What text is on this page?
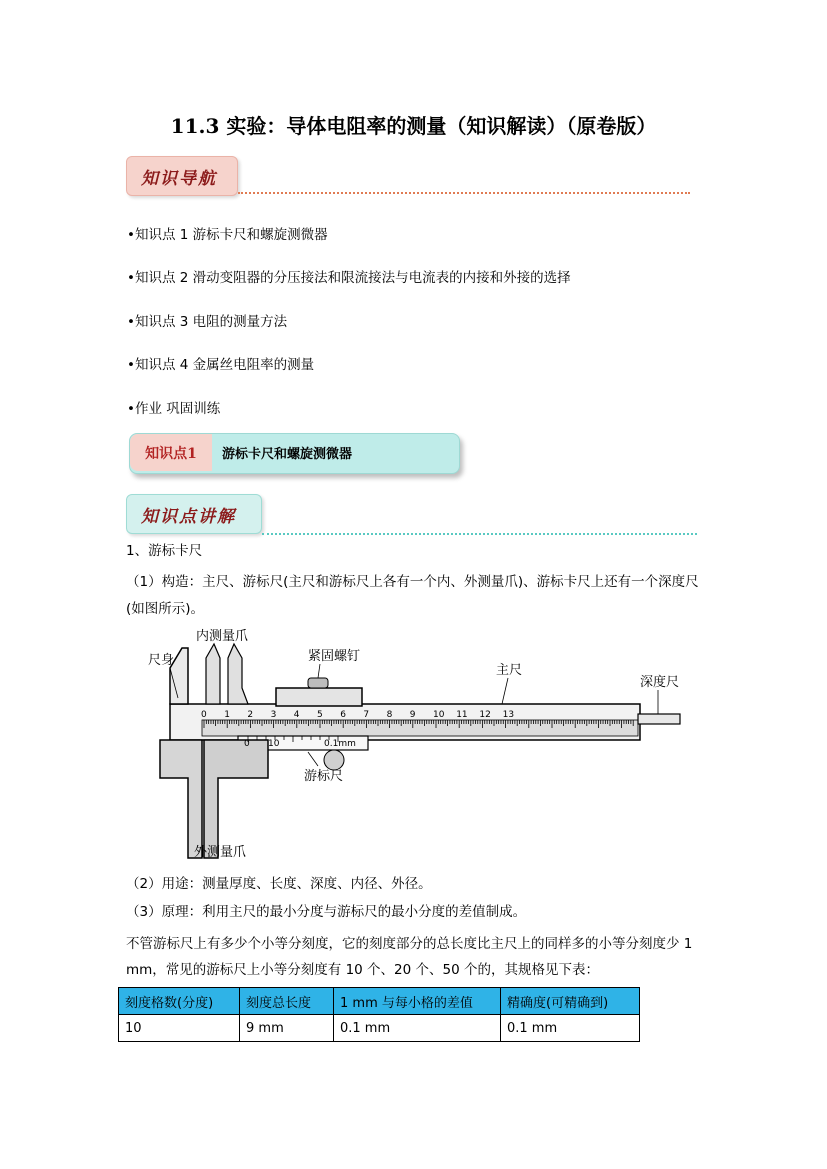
11.3 实验：导体电阻率的测量（知识解读）（原卷版）
知识导航
•知识点 1 游标卡尺和螺旋测微器
•知识点 2 滑动变阻器的分压接法和限流接法与电流表的内接和外接的选择
•知识点 3 电阻的测量方法
•知识点 4 金属丝电阻率的测量
•作业 巩固训练
知识点1	游标卡尺和螺旋测微器
知识点讲解
1、游标卡尺
（1）构造：主尺、游标尺(主尺和游标尺上各有一个内、外测量爪)、游标卡尺上还有一个深度尺(如图所示)。
0 1 2 3 4 5 6 7 8 9 10 11 12 13
0 10	0.1mm
尺身
内测量爪
紧固螺钉
主尺
深度尺
游标尺
外测量爪
（2）用途：测量厚度、长度、深度、内径、外径。
（3）原理：利用主尺的最小分度与游标尺的最小分度的差值制成。
不管游标尺上有多少个小等分刻度，它的刻度部分的总长度比主尺上的同样多的小等分刻度少 1 mm，常见的游标尺上小等分刻度有 10 个、20 个、50 个的，其规格见下表：
刻度格数(分度)	刻度总长度	1 mm 与每小格的差值	精确度(可精确到)
10	9 mm	0.1 mm	0.1 mm
